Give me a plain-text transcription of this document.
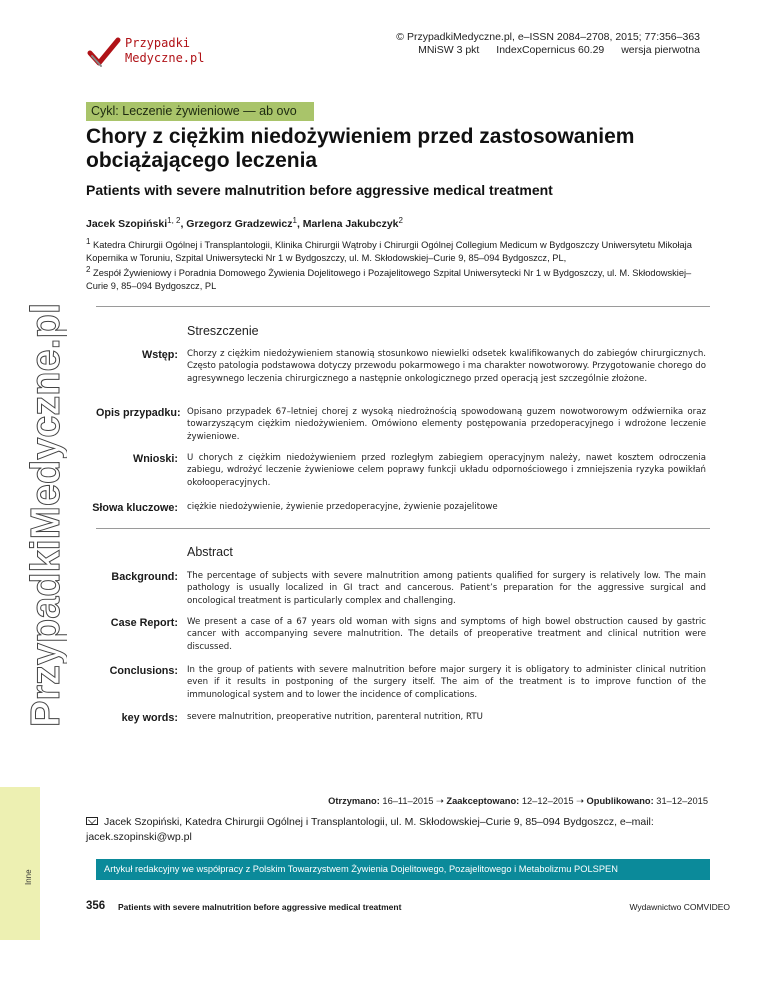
Przypadki
Medyczne.pl
© PrzypadkiMedyczne.pl, e–ISSN 2084–2708, 2015; 77:356–363
MNiSW 3 pkt IndexCopernicus 60.29 wersja pierwotna
Cykl: Leczenie żywieniowe — ab ovo
Chory z ciężkim niedożywieniem przed zastosowaniem obciążającego leczenia
Patients with severe malnutrition before aggressive medical treatment
Jacek Szopiński$^{1, 2}$, Grzegorz Gradzewicz$^1$, Marlena Jakubczyk$^2$
$^1$ Katedra Chirurgii Ogólnej i Transplantologii, Klinika Chirurgii Wątroby i Chirurgii Ogólnej Collegium Medicum w Bydgoszczy Uniwersytetu Mikołaja Kopernika w Toruniu, Szpital Uniwersytecki Nr 1 w Bydgoszczy, ul. M. Skłodowskiej–Curie 9, 85–094 Bydgoszcz, PL,
$^2$ Zespół Żywieniowy i Poradnia Domowego Żywienia Dojelitowego i Pozajelitowego Szpital Uniwersytecki Nr 1 w Bydgoszczy, ul. M. Skłodowskiej–Curie 9, 85–094 Bydgoszcz, PL
PrzypadkiMedyczne.pl	Streszczenie
Wstęp: Chorzy z ciężkim niedożywieniem stanowią stosunkowo niewielki odsetek kwalifikowanych do zabiegów chirurgicznych. Często patologia podstawowa dotyczy przewodu pokarmowego i ma charakter nowotworowy. Przygotowanie chorego do agresywnego leczenia chirurgicznego a następnie onkologicznego przed operacją jest szczególnie złożone.
Opis przypadku: Opisano przypadek 67–letniej chorej z wysoką niedrożnością spowodowaną guzem nowotworowym odźwiernika oraz towarzyszącym ciężkim niedożywieniem. Omówiono elementy postępowania przedoperacyjnego i wdrożone leczenie żywieniowe.
Wnioski: U chorych z ciężkim niedożywieniem przed rozległym zabiegiem operacyjnym należy, nawet kosztem odroczenia zabiegu, wdrożyć leczenie żywieniowe celem poprawy funkcji układu odpornościowego i zmniejszenia ryzyka powikłań okołooperacyjnych.
Słowa kluczowe: ciężkie niedożywienie, żywienie przedoperacyjne, żywienie pozajelitowe
Abstract
Background: The percentage of subjects with severe malnutrition among patients qualified for surgery is relatively low. The main pathology is usually localized in GI tract and cancerous. Patient’s preparation for the aggressive surgical and oncological treatment is particularly complex and challenging.
Case Report: We present a case of a 67 years old woman with signs and symptoms of high bowel obstruction caused by gastric cancer with accompanying severe malnutrition. The details of preoperative treatment and clinical nutrition were discussed.
Conclusions: In the group of patients with severe malnutrition before major surgery it is obligatory to administer clinical nutrition even if it results in postponing of the surgery itself. The aim of the treatment is to improve function of the immunological system and to lower the incidence of complications.
key words: severe malnutrition, preoperative nutrition, parenteral nutrition, RTU
Otrzymano: 16–11–2015 ➝ Zaakceptowano: 12–12–2015 ➝ Opublikowano: 31–12–2015
Jacek Szopiński, Katedra Chirurgii Ogólnej i Transplantologii, ul. M. Skłodowskiej–Curie 9, 85–094 Bydgoszcz, e–mail: jacek.szopinski@wp.pl
Inne
Artykuł redakcyjny we współpracy z Polskim Towarzystwem Żywienia Dojelitowego, Pozajelitowego i Metabolizmu POLSPEN
356 Patients with severe malnutrition before aggressive medical treatment	Wydawnictwo COMVIDEO
